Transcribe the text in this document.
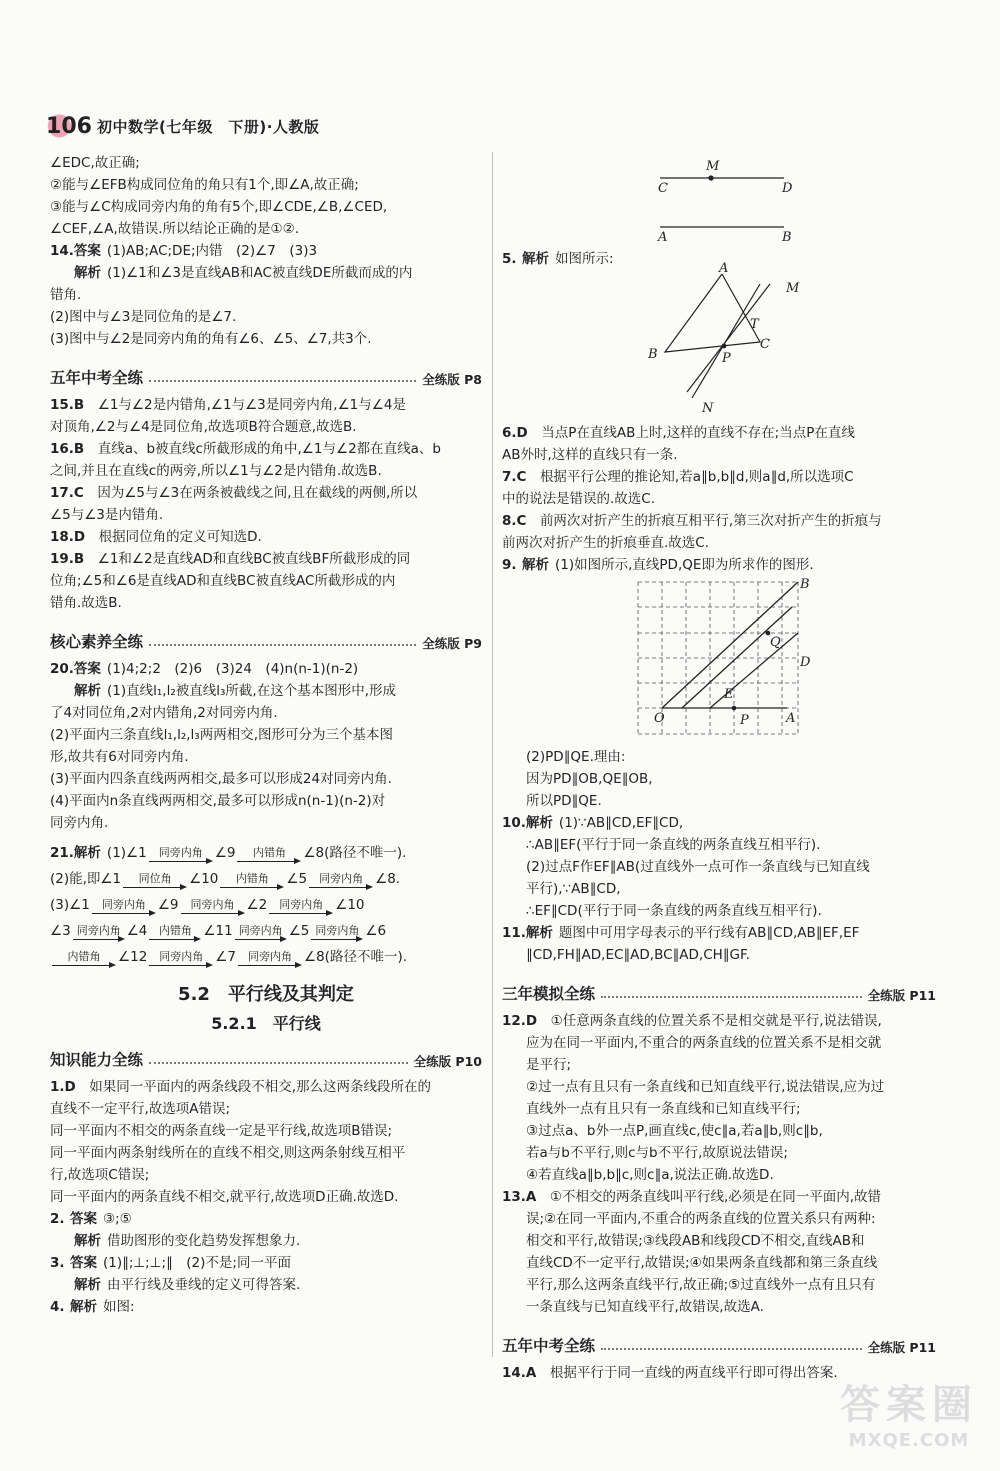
106 初中数学(七年级　下册)·人教版
∠EDC,故正确;
②能与∠EFB构成同位角的角只有1个,即∠A,故正确;
③能与∠C构成同旁内角的角有5个,即∠CDE,∠B,∠CED,
∠CEF,∠A,故错误.所以结论正确的是①②.
14.答案 (1)AB;AC;DE;内错　(2)∠7　(3)3
解析 (1)∠1和∠3是直线AB和AC被直线DE所截而成的内
错角.
(2)图中与∠3是同位角的是∠7.
(3)图中与∠2是同旁内角的角有∠6、∠5、∠7,共3个.
五年中考全练	全练版 P8
15.B　 ∠1与∠2是内错角,∠1与∠3是同旁内角,∠1与∠4是
对顶角,∠2与∠4是同位角,故选项B符合题意,故选B.
16.B　 直线a、b被直线c所截形成的角中,∠1与∠2都在直线a、b
之间,并且在直线c的两旁,所以∠1与∠2是内错角.故选B.
17.C　 因为∠5与∠3在两条被截线之间,且在截线的两侧,所以
∠5与∠3是内错角.
18.D　 根据同位角的定义可知选D.
19.B　 ∠1和∠2是直线AD和直线BC被直线BF所截形成的同
位角;∠5和∠6是直线AD和直线BC被直线AC所截形成的内
错角.故选B.
核心素养全练	全练版 P9
20.答案 (1)4;2;2　(2)6　(3)24　(4)n(n-1)(n-2)
解析 (1)直线l₁,l₂被直线l₃所截,在这个基本图形中,形成
了4对同位角,2对内错角,2对同旁内角.
(2)平面内三条直线l₁,l₂,l₃两两相交,图形可分为三个基本图
形,故共有6对同旁内角.
(3)平面内四条直线两两相交,最多可以形成24对同旁内角.
(4)平面内n条直线两两相交,最多可以形成n(n-1)(n-2)对
同旁内角.
21.解析 (1)∠1	同旁内角 ∠9	内错角	∠8(路径不唯一).
(2)能,即∠1	同位角	∠10	内错角	∠5	同旁内角 ∠8.
(3)∠1	同旁内角 ∠9	同旁内角 ∠2	同旁内角 ∠10
∠3 同旁内角 ∠4	内错角 ∠11 同旁内角 ∠5 同旁内角 ∠6
内错角	∠12	同旁内角 ∠7	同旁内角 ∠8(路径不唯一).
5.2　平行线及其判定
5.2.1　平行线
知识能力全练	全练版 P10
1.D　 如果同一平面内的两条线段不相交,那么这两条线段所在的
直线不一定平行,故选项A错误;
同一平面内不相交的两条直线一定是平行线,故选项B错误;
同一平面内两条射线所在的直线不相交,则这两条射线互相平
行,故选项C错误;
同一平面内的两条直线不相交,就平行,故选项D正确.故选D.
2. 答案 ③;⑤
解析 借助图形的变化趋势发挥想象力.
3. 答案 (1)∥;⊥;⊥;∥　(2)不是;同一平面
解析 由平行线及垂线的定义可得答案.
4. 解析 如图:
M
C	D
A	B
5. 解析 如图所示:
A
B
C
P
T
M
N
6.D　 当点P在直线AB上时,这样的直线不存在;当点P在直线
AB外时,这样的直线只有一条.
7.C　 根据平行公理的推论知,若a∥b,b∥d,则a∥d,所以选项C
中的说法是错误的.故选C.
8.C　 前两次对折产生的折痕互相平行,第三次对折产生的折痕与
前两次对折产生的折痕垂直.故选C.
9. 解析 (1)如图所示,直线PD,QE即为所求作的图形.
B
Q
D
E
O	P	A
(2)PD∥QE.理由:
因为PD∥OB,QE∥OB,
所以PD∥QE.
10.解析 (1)∵AB∥CD,EF∥CD,
∴AB∥EF(平行于同一条直线的两条直线互相平行).
(2)过点F作EF∥AB(过直线外一点可作一条直线与已知直线
平行),∵AB∥CD,
∴EF∥CD(平行于同一条直线的两条直线互相平行).
11.解析 题图中可用字母表示的平行线有AB∥CD,AB∥EF,EF
∥CD,FH∥AD,EC∥AD,BC∥AD,CH∥GF.
三年模拟全练	全练版 P11
12.D　 ①任意两条直线的位置关系不是相交就是平行,说法错误,
应为在同一平面内,不重合的两条直线的位置关系不是相交就
是平行;
②过一点有且只有一条直线和已知直线平行,说法错误,应为过
直线外一点有且只有一条直线和已知直线平行;
③过点a、b外一点P,画直线c,使c∥a,若a∥b,则c∥b,
若a与b不平行,则c与b不平行,故原说法错误;
④若直线a∥b,b∥c,则c∥a,说法正确.故选D.
13.A　 ①不相交的两条直线叫平行线,必须是在同一平面内,故错
误;②在同一平面内,不重合的两条直线的位置关系只有两种:
相交和平行,故错误;③线段AB和线段CD不相交,直线AB和
直线CD不一定平行,故错误;④如果两条直线都和第三条直线
平行,那么这两条直线平行,故正确;⑤过直线外一点有且只有
一条直线与已知直线平行,故错误,故选A.
五年中考全练	全练版 P11
14.A　 根据平行于同一直线的两直线平行即可得出答案.
答案圈
MXQE.COM
